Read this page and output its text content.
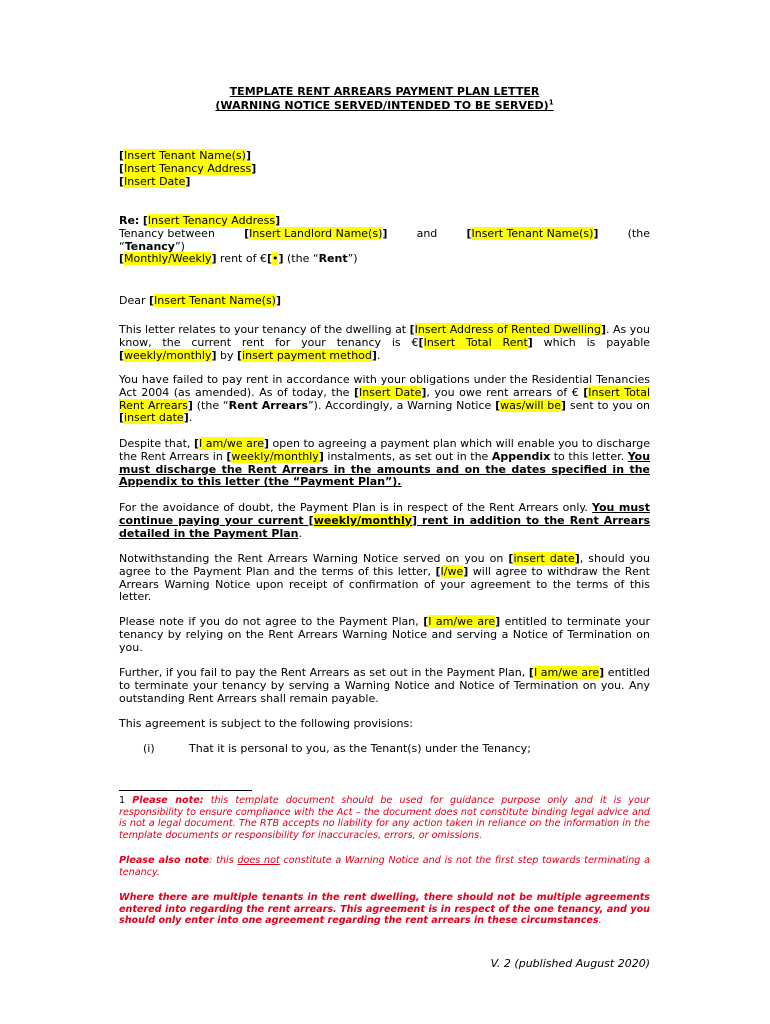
TEMPLATE RENT ARREARS PAYMENT PLAN LETTER
(WARNING NOTICE SERVED/INTENDED TO BE SERVED)$^1$
[Insert Tenant Name(s)]
[Insert Tenancy Address]
[Insert Date]
Re: [Insert Tenancy Address]
Tenancy between	[Insert Landlord Name(s)]	and	[Insert Tenant Name(s)]	(the
“Tenancy”)
[Monthly/Weekly] rent of €[•] (the “Rent”)
Dear [Insert Tenant Name(s)]
This letter relates to your tenancy of the dwelling at [Insert Address of Rented Dwelling]. As you know, the current rent for your tenancy is €[Insert Total Rent] which is payable [weekly/monthly] by [insert payment method].
You have failed to pay rent in accordance with your obligations under the Residential Tenancies Act 2004 (as amended). As of today, the [Insert Date], you owe rent arrears of € [Insert Total Rent Arrears] (the “Rent Arrears”). Accordingly, a Warning Notice [was/will be] sent to you on [insert date].
Despite that, [I am/we are] open to agreeing a payment plan which will enable you to discharge the Rent Arrears in [weekly/monthly] instalments, as set out in the Appendix to this letter. You must discharge the Rent Arrears in the amounts and on the dates specified in the Appendix to this letter (the “Payment Plan”).
For the avoidance of doubt, the Payment Plan is in respect of the Rent Arrears only. You must continue paying your current [weekly/monthly] rent in addition to the Rent Arrears detailed in the Payment Plan.
Notwithstanding the Rent Arrears Warning Notice served on you on [insert date], should you agree to the Payment Plan and the terms of this letter, [I/we] will agree to withdraw the Rent Arrears Warning Notice upon receipt of confirmation of your agreement to the terms of this letter.
Please note if you do not agree to the Payment Plan, [I am/we are] entitled to terminate your tenancy by relying on the Rent Arrears Warning Notice and serving a Notice of Termination on you.
Further, if you fail to pay the Rent Arrears as set out in the Payment Plan, [I am/we are] entitled to terminate your tenancy by serving a Warning Notice and Notice of Termination on you. Any outstanding Rent Arrears shall remain payable.
This agreement is subject to the following provisions:
(i)	That it is personal to you, as the Tenant(s) under the Tenancy;
1 Please note: this template document should be used for guidance purpose only and it is your responsibility to ensure compliance with the Act – the document does not constitute binding legal advice and is not a legal document. The RTB accepts no liability for any action taken in reliance on the information in the template documents or responsibility for inaccuracies, errors, or omissions.
Please also note: this does not constitute a Warning Notice and is not the first step towards terminating a tenancy.
Where there are multiple tenants in the rent dwelling, there should not be multiple agreements entered into regarding the rent arrears. This agreement is in respect of the one tenancy, and you should only enter into one agreement regarding the rent arrears in these circumstances.
V. 2 (published August 2020)
